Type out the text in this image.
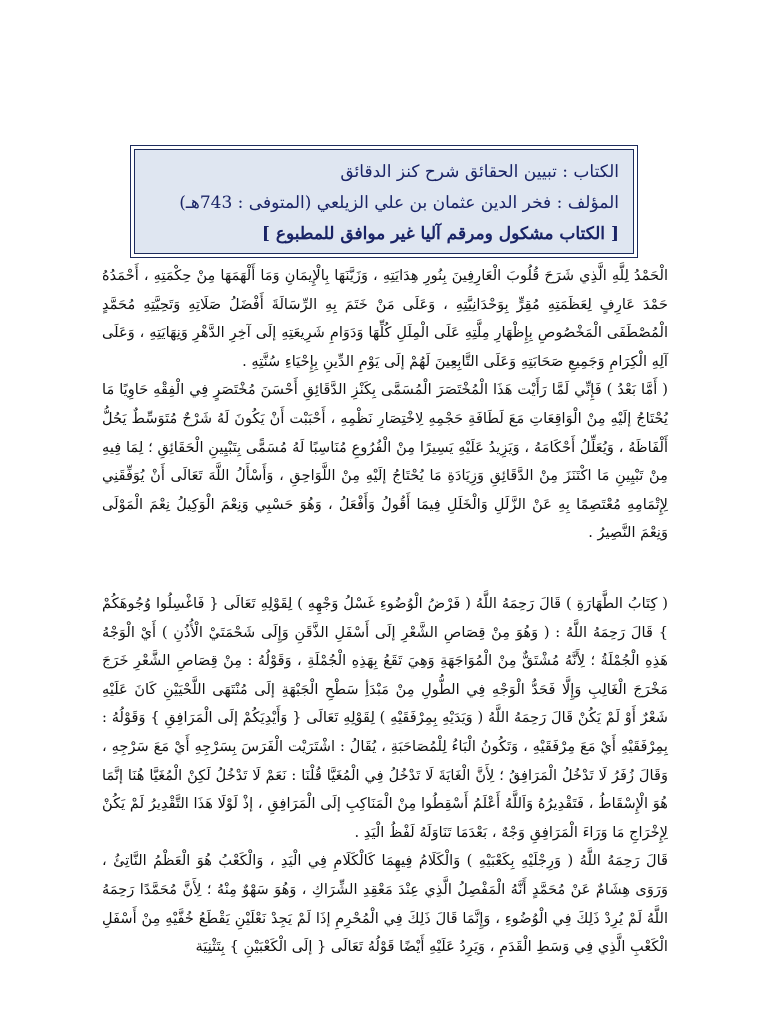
الكتاب : تبيين الحقائق شرح كنز الدقائق
المؤلف : فخر الدين عثمان بن علي الزيلعي (المتوفى : 743هـ)
[ الكتاب مشكول ومرقم آليا غير موافق للمطبوع ]

الْحَمْدُ لِلَّهِ الَّذِي شَرَحَ قُلُوبَ الْعَارِفِينَ بِنُورِ هِدَايَتِهِ ، وَزَيَّنَهَا بِالْإِيمَانِ وَمَا أَلْهَمَهَا مِنْ حِكْمَتِهِ ، أَحْمَدُهُ حَمْدَ عَارِفٍ لِعَظَمَتِهِ مُقِرٍّ بِوَحْدَانِيَّتِهِ ، وَعَلَى مَنْ خَتَمَ بِهِ الرِّسَالَةَ أَفْضَلُ صَلَاتِهِ وَتَحِيَّتِهِ مُحَمَّدٍ الْمُصْطَفَى الْمَخْصُوصِ بِإِظْهَارِ مِلَّتِهِ عَلَى الْمِلَلِ كُلِّهَا وَدَوَامِ شَرِيعَتِهِ إلَى آخِرِ الدَّهْرِ وَنِهَايَتِهِ ، وَعَلَى آلِهِ الْكِرَامِ وَجَمِيعِ صَحَابَتِهِ وَعَلَى التَّابِعِينَ لَهُمْ إلَى يَوْمِ الدِّينِ بِإِحْيَاءِ سُنَّتِهِ .

( أَمَّا بَعْدُ ) فَإِنِّي لَمَّا رَأَيْت هَذَا الْمُخْتَصَرَ الْمُسَمَّى بِكَنْزِ الدَّقَائِقِ أَحْسَنَ مُخْتَصَرٍ فِي الْفِقْهِ حَاوِيًا مَا يُحْتَاجُ إلَيْهِ مِنْ الْوَاقِعَاتِ مَعَ لَطَافَةِ حَجْمِهِ لِاخْتِصَارِ نَظْمِهِ ، أَحْبَبْت أَنْ يَكُونَ لَهُ شَرْحٌ مُتَوَسِّطٌ يَحُلُّ أَلْفَاظَهُ ، وَيُعَلِّلُ أَحْكَامَهُ ، وَيَزِيدُ عَلَيْهِ يَسِيرًا مِنْ الْفُرُوعِ مُنَاسِبًا لَهُ مُسَمًّى بِتَبْيِينِ الْحَقَائِقِ ؛ لِمَا فِيهِ مِنْ تَبْيِينِ مَا اكْتَنَزَ مِنْ الدَّقَائِقِ وَزِيَادَةِ مَا يُحْتَاجُ إلَيْهِ مِنْ اللَّوَاحِقِ ، وَأَسْأَلُ اللَّهَ تَعَالَى أَنْ يُوَفِّقَنِي لِإِتْمَامِهِ مُعْتَصِمًا بِهِ عَنْ الزَّلَلِ وَالْخَلَلِ فِيمَا أَقُولُ وَأَفْعَلُ ، وَهُوَ حَسْبِي وَنِعْمَ الْوَكِيلُ نِعْمَ الْمَوْلَى وَنِعْمَ النَّصِيرُ .

( كِتَابُ الطَّهَارَةِ ) قَالَ رَحِمَهُ اللَّهُ ( فَرْضُ الْوُضُوءِ غَسْلُ وَجْهِهِ ) لِقَوْلِهِ تَعَالَى { فَاغْسِلُوا وُجُوهَكُمْ } قَالَ رَحِمَهُ اللَّهُ : ( وَهُوَ مِنْ قِصَاصِ الشَّعْرِ إلَى أَسْفَلِ الذَّقَنِ وَإِلَى شَحْمَتَيْ الْأُذُنِ ) أَيْ الْوَجْهُ هَذِهِ الْجُمْلَةُ ؛ لِأَنَّهُ مُشْتَقٌّ مِنْ الْمُوَاجَهَةِ وَهِيَ تَقَعُ بِهَذِهِ الْجُمْلَةِ ، وَقَوْلُهُ : مِنْ قِصَاصِ الشَّعْرِ خَرَجَ مَخْرَجَ الْغَالِبِ وَإِلَّا فَحَدُّ الْوَجْهِ فِي الطُّولِ مِنْ مَبْدَأِ سَطْحِ الْجَبْهَةِ إلَى مُنْتَهَى اللَّحْيَيْنِ كَانَ عَلَيْهِ شَعْرٌ أَوْ لَمْ يَكُنْ قَالَ رَحِمَهُ اللَّهُ ( وَيَدَيْهِ بِمِرْفَقَيْهِ ) لِقَوْلِهِ تَعَالَى { وَأَيْدِيَكُمْ إلَى الْمَرَافِقِ } وَقَوْلُهُ : بِمِرْفَقَيْهِ أَيْ مَعَ مِرْفَقَيْهِ ، وَتَكُونُ الْبَاءُ لِلْمُصَاحَبَةِ ، يُقَالُ : اشْتَرَيْت الْفَرَسَ بِسَرْجِهِ أَيْ مَعَ سَرْجِهِ ، وَقَالَ زُفَرُ لَا تَدْخُلُ الْمَرَافِقُ ؛ لِأَنَّ الْغَايَةَ لَا تَدْخُلُ فِي الْمُغَيَّا قُلْنَا : نَعَمْ لَا تَدْخُلُ لَكِنْ الْمُغَيَّا هُنَا إنَّمَا هُوَ الْإِسْقَاطُ ، فَتَقْدِيرُهُ وَاَللَّهُ أَعْلَمُ أَسْقِطُوا مِنْ الْمَنَاكِبِ إلَى الْمَرَافِقِ ، إذْ لَوْلَا هَذَا التَّقْدِيرُ لَمْ يَكُنْ لِإِخْرَاجِ مَا وَرَاءَ الْمَرَافِقِ وَجْهٌ ، بَعْدَمَا تَنَاوَلَهُ لَفْظُ الْيَدِ .

قَالَ رَحِمَهُ اللَّهُ ( وَرِجْلَيْهِ بِكَعْبَيْهِ ) وَالْكَلَامُ فِيهِمَا كَالْكَلَامِ فِي الْيَدِ ، وَالْكَعْبُ هُوَ الْعَظْمُ النَّاتِئُ ، وَرَوَى هِشَامٌ عَنْ مُحَمَّدٍ أَنَّهُ الْمَفْصِلُ الَّذِي عِنْدَ مَعْقِدِ الشِّرَاكِ ، وَهُوَ سَهْوٌ مِنْهُ ؛ لِأَنَّ مُحَمَّدًا رَحِمَهُ اللَّهُ لَمْ يُرِدْ ذَلِكَ فِي الْوُضُوءِ ، وَإِنَّمَا قَالَ ذَلِكَ فِي الْمُحْرِمِ إذَا لَمْ يَجِدْ نَعْلَيْنِ يَقْطَعُ خُفَّيْهِ مِنْ أَسْفَلِ الْكَعْبِ الَّذِي فِي وَسَطِ الْقَدَمِ ، وَيَرِدُ عَلَيْهِ أَيْضًا قَوْلُهُ تَعَالَى { إلَى الْكَعْبَيْنِ } بِتَثْنِيَة
